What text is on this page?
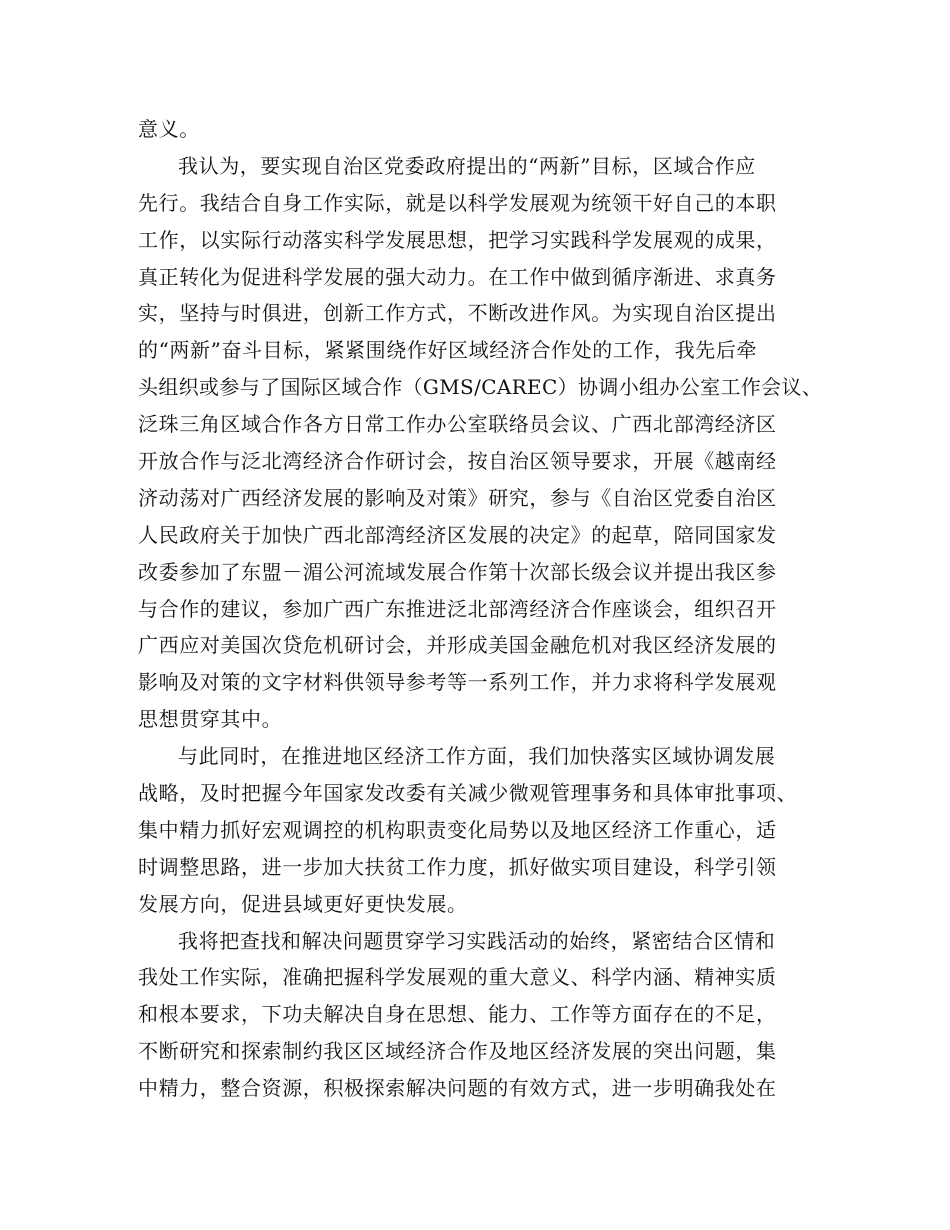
意义。
我认为，要实现自治区党委政府提出的“两新”目标，区域合作应
先行。我结合自身工作实际，就是以科学发展观为统领干好自己的本职
工作，以实际行动落实科学发展思想，把学习实践科学发展观的成果，
真正转化为促进科学发展的强大动力。在工作中做到循序渐进、求真务
实，坚持与时俱进，创新工作方式，不断改进作风。为实现自治区提出
的“两新”奋斗目标，紧紧围绕作好区域经济合作处的工作，我先后牵
头组织或参与了国际区域合作（GMS/CAREC）协调小组办公室工作会议、
泛珠三角区域合作各方日常工作办公室联络员会议、广西北部湾经济区
开放合作与泛北湾经济合作研讨会，按自治区领导要求，开展《越南经
济动荡对广西经济发展的影响及对策》研究，参与《自治区党委自治区
人民政府关于加快广西北部湾经济区发展的决定》的起草，陪同国家发
改委参加了东盟－湄公河流域发展合作第十次部长级会议并提出我区参
与合作的建议，参加广西广东推进泛北部湾经济合作座谈会，组织召开
广西应对美国次贷危机研讨会，并形成美国金融危机对我区经济发展的
影响及对策的文字材料供领导参考等一系列工作，并力求将科学发展观
思想贯穿其中。
与此同时，在推进地区经济工作方面，我们加快落实区域协调发展
战略，及时把握今年国家发改委有关减少微观管理事务和具体审批事项、
集中精力抓好宏观调控的机构职责变化局势以及地区经济工作重心，适
时调整思路，进一步加大扶贫工作力度，抓好做实项目建设，科学引领
发展方向，促进县域更好更快发展。
我将把查找和解决问题贯穿学习实践活动的始终，紧密结合区情和
我处工作实际，准确把握科学发展观的重大意义、科学内涵、精神实质
和根本要求，下功夫解决自身在思想、能力、工作等方面存在的不足，
不断研究和探索制约我区区域经济合作及地区经济发展的突出问题，集
中精力，整合资源，积极探索解决问题的有效方式，进一步明确我处在
